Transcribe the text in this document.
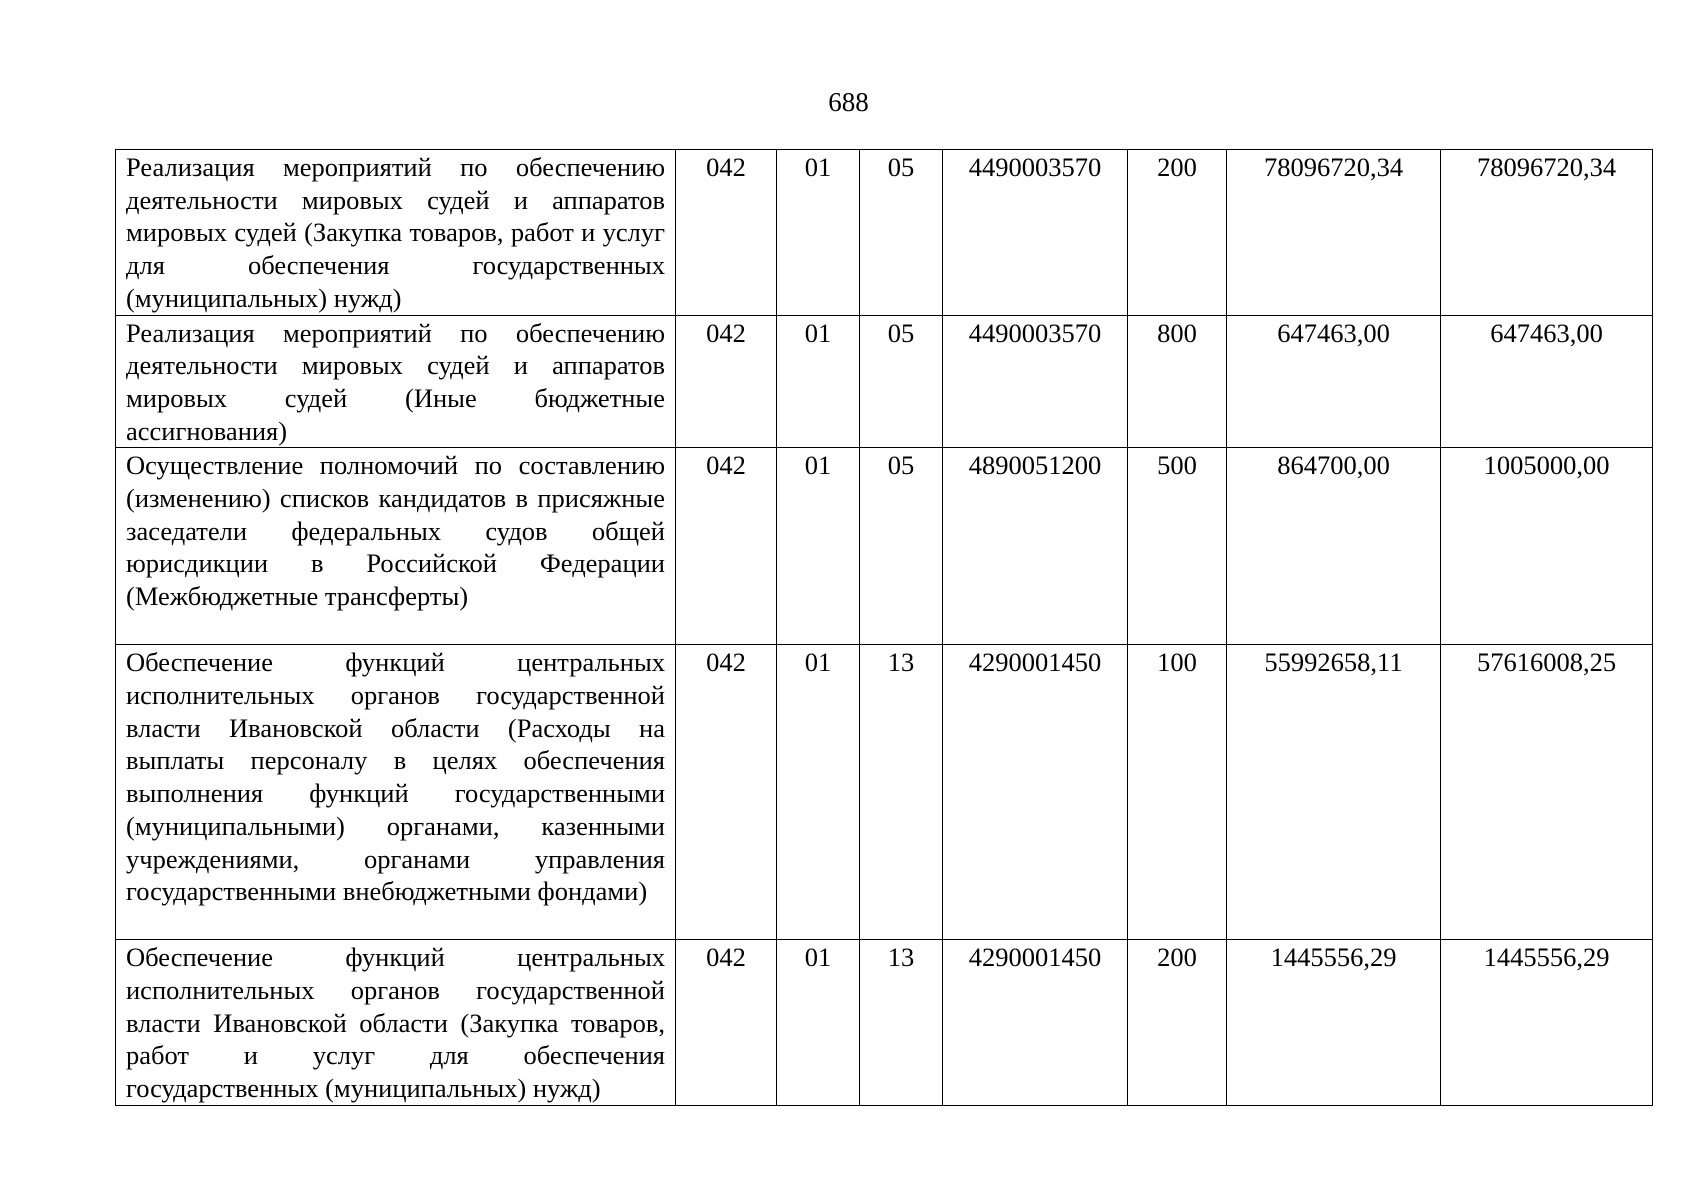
688
Реализация мероприятий по обеспечению деятельности мировых судей и аппаратов мировых судей (Закупка товаров, работ и услуг для обеспечения государственных (муниципальных) нужд)	042	01	05	4490003570	200	78096720,34	78096720,34
Реализация мероприятий по обеспечению деятельности мировых судей и аппаратов мировых судей (Иные бюджетные ассигнования)	042	01	05	4490003570	800	647463,00	647463,00
Осуществление полномочий по составлению (изменению) списков кандидатов в присяжные заседатели федеральных судов общей юрисдикции в Российской Федерации (Межбюджетные трансферты)	042	01	05	4890051200	500	864700,00	1005000,00
Обеспечение функций центральных исполнительных органов государственной власти Ивановской области (Расходы на выплаты персоналу в целях обеспечения выполнения функций государственными (муниципальными) органами, казенными учреждениями, органами управления государственными внебюджетными фондами)	042	01	13	4290001450	100	55992658,11	57616008,25
Обеспечение функций центральных исполнительных органов государственной власти Ивановской области (Закупка товаров, работ и услуг для обеспечения государственных (муниципальных) нужд)	042	01	13	4290001450	200	1445556,29	1445556,29
